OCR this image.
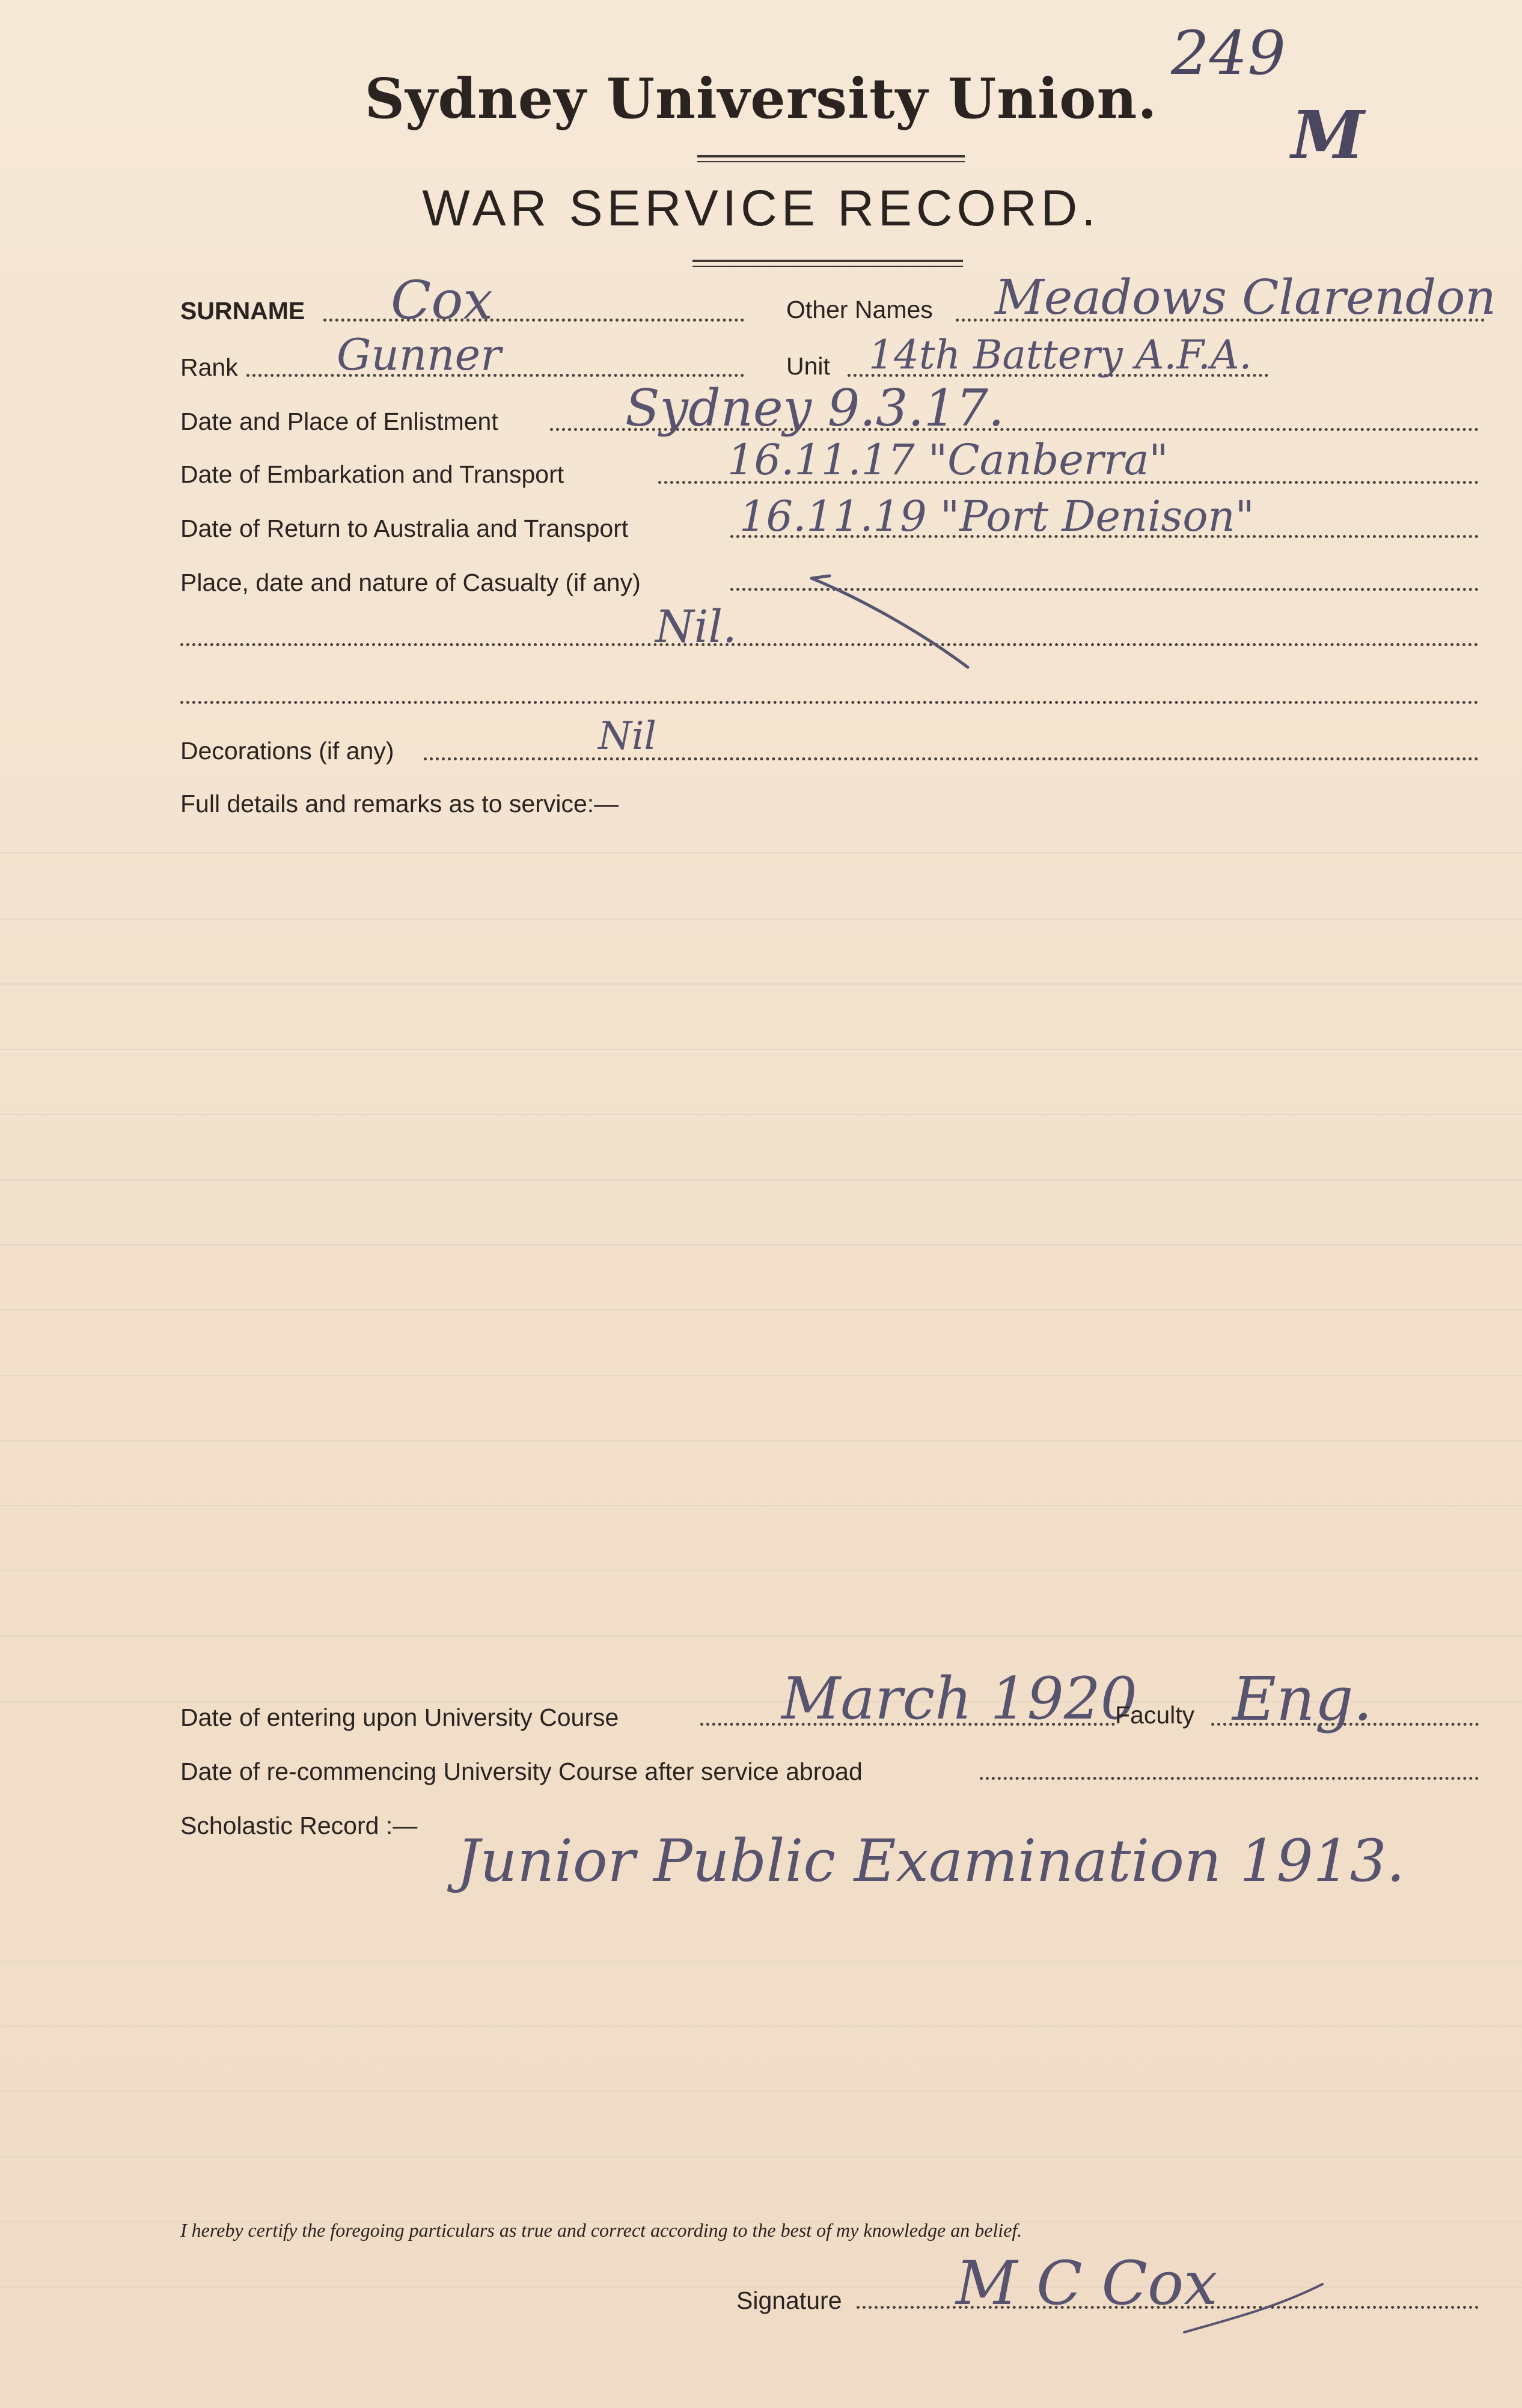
Sydney University Union.
WAR SERVICE RECORD.
249
M
SURNAME Cox	Other Names Meadows Clarendon
Rank Gunner	Unit 14th Battery A.F.A.
Date and Place of Enlistment	Sydney 9.3.17.
Date of Embarkation and Transport	16.11.17 "Canberra"
Date of Return to Australia and Transport	16.11.19 "Port Denison"
Place, date and nature of Casualty (if any)
Nil.
Decorations (if any)	Nil
Full details and remarks as to service:—
Date of entering upon University Course	March 1920
Faculty Eng.
Date of re-commencing University Course after service abroad
Scholastic Record :—
Junior Public Examination 1913.
I hereby certify the foregoing particulars as true and correct according to the best of my knowledge an belief.
Signature M C Cox
